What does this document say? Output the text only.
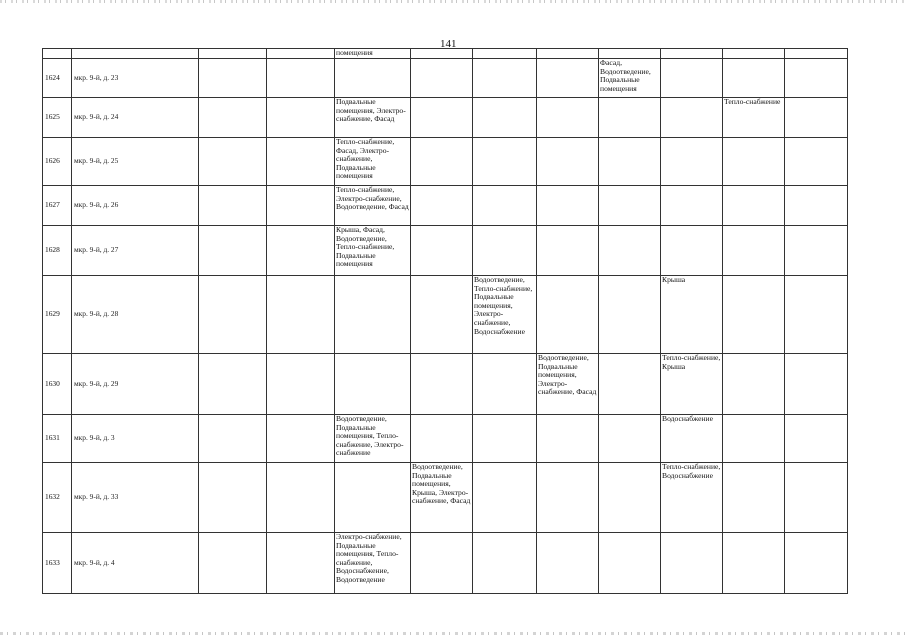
141
				помещения							
1624	мкр. 9-й, д. 23							Фасад, Водоотведение, Подвальные помещения			
1625	мкр. 9-й, д. 24			Подвальные помещения, Электро-снабжение, Фасад						Тепло-снабжение	
1626	мкр. 9-й, д. 25			Тепло-снабжение, Фасад, Электро-снабжение, Подвальные помещения							
1627	мкр. 9-й, д. 26			Тепло-снабжение, Электро-снабжение, Водоотведение, Фасад							
1628	мкр. 9-й, д. 27			Крыша, Фасад, Водоотведение, Тепло-снабжение, Подвальные помещения							
1629	мкр. 9-й, д. 28					Водоотведение, Тепло-снабжение, Подвальные помещения, Электро-снабжение, Водоснабжение			Крыша		
1630	мкр. 9-й, д. 29						Водоотведение, Подвальные помещения, Электро-снабжение, Фасад		Тепло-снабжение, Крыша		
1631	мкр. 9-й, д. 3			Водоотведение, Подвальные помещения, Тепло-снабжение, Электро-снабжение					Водоснабжение		
1632	мкр. 9-й, д. 33				Водоотведение, Подвальные помещения, Крыша, Электро-снабжение, Фасад				Тепло-снабжение, Водоснабжение		
1633	мкр. 9-й, д. 4			Электро-снабжение, Подвальные помещения, Тепло-снабжение, Водоснабжение, Водоотведение							
